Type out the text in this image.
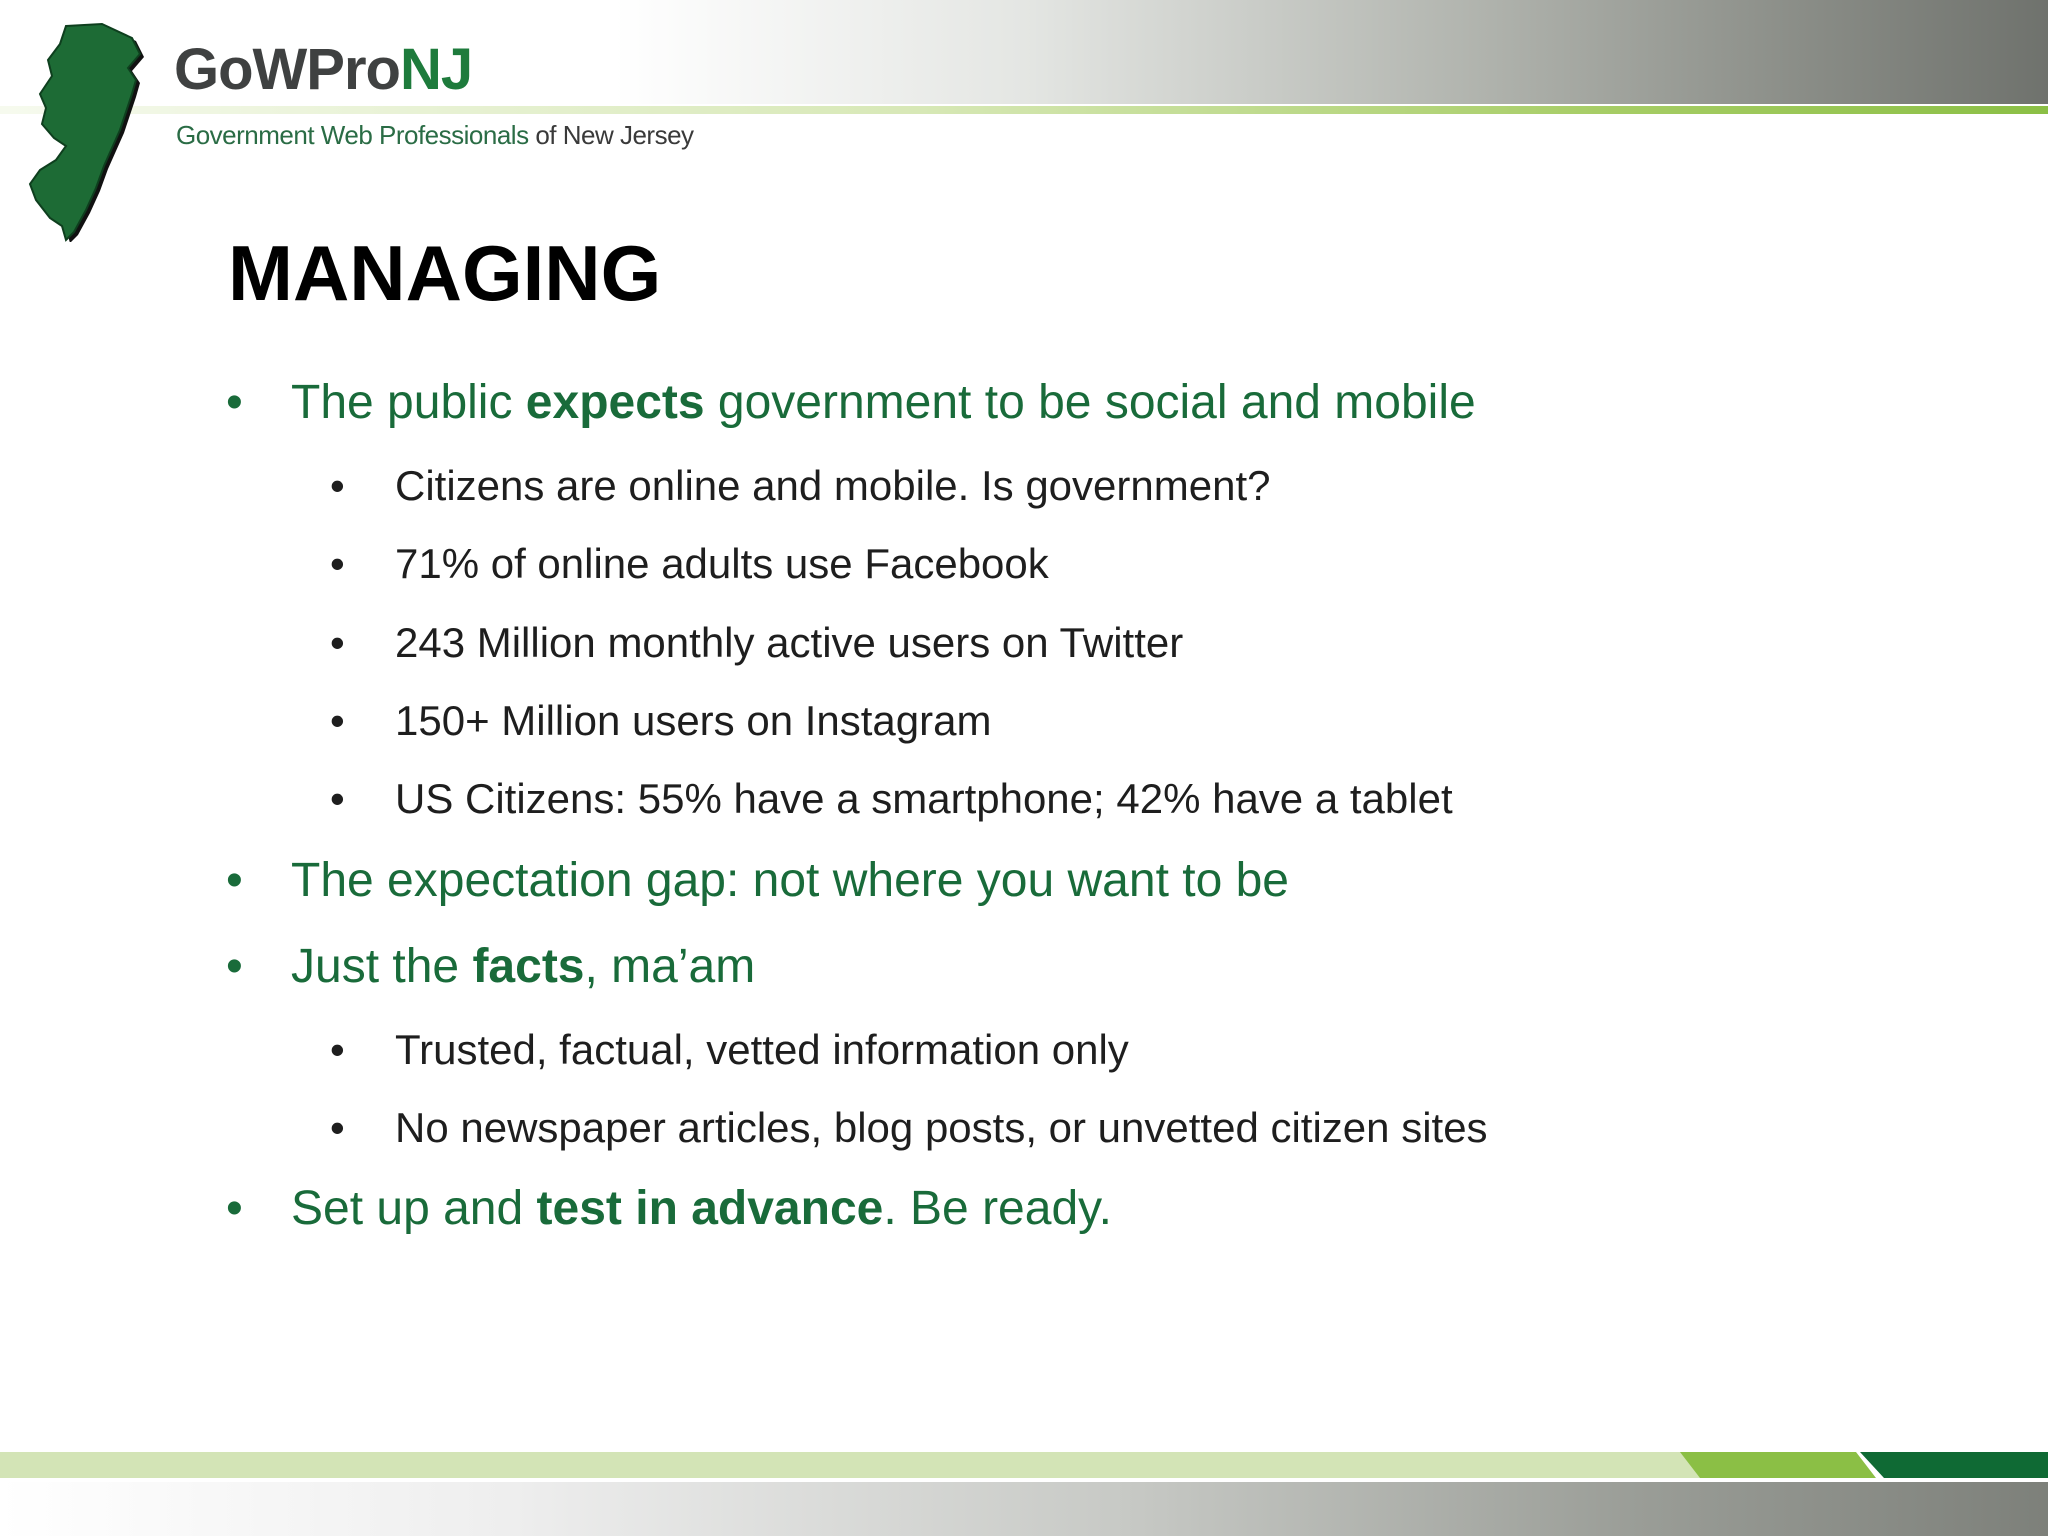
GoWProNJ
Government Web Professionals of New Jersey
MANAGING
•	The public expects government to be social and mobile
•	Citizens are online and mobile. Is government?
•	71% of online adults use Facebook
•	243 Million monthly active users on Twitter
•	150+ Million users on Instagram
•	US Citizens: 55% have a smartphone; 42% have a tablet
•	The expectation gap: not where you want to be
•	Just the facts, ma’am
•	Trusted, factual, vetted information only
•	No newspaper articles, blog posts, or unvetted citizen sites
•	Set up and test in advance. Be ready.
